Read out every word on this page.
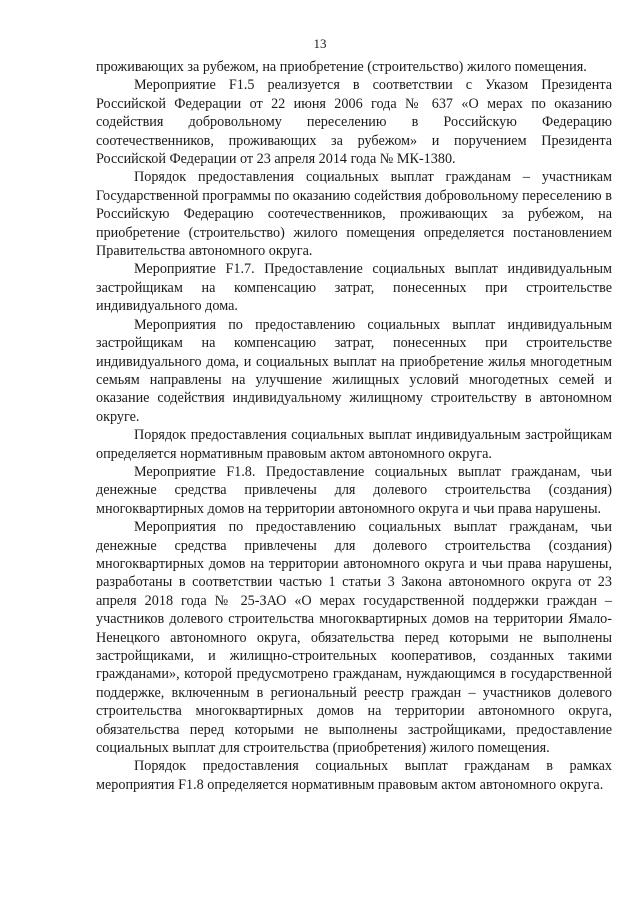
13

проживающих за рубежом, на приобретение (строительство) жилого помещения.

Мероприятие F1.5 реализуется в соответствии с Указом Президента Российской Федерации от 22 июня 2006 года № 637 «О мерах по оказанию содействия добровольному переселению в Российскую Федерацию соотечественников, проживающих за рубежом» и поручением Президента Российской Федерации от 23 апреля 2014 года № МК-1380.

Порядок предоставления социальных выплат гражданам – участникам Государственной программы по оказанию содействия добровольному переселению в Российскую Федерацию соотечественников, проживающих за рубежом, на приобретение (строительство) жилого помещения определяется постановлением Правительства автономного округа.

Мероприятие F1.7. Предоставление социальных выплат индивидуальным застройщикам на компенсацию затрат, понесенных при строительстве индивидуального дома.

Мероприятия по предоставлению социальных выплат индивидуальным застройщикам на компенсацию затрат, понесенных при строительстве индивидуального дома, и социальных выплат на приобретение жилья многодетным семьям направлены на улучшение жилищных условий многодетных семей и оказание содействия индивидуальному жилищному строительству в автономном округе.

Порядок предоставления социальных выплат индивидуальным застройщикам определяется нормативным правовым актом автономного округа.

Мероприятие F1.8. Предоставление социальных выплат гражданам, чьи денежные средства привлечены для долевого строительства (создания) многоквартирных домов на территории автономного округа и чьи права нарушены.

Мероприятия по предоставлению социальных выплат гражданам, чьи денежные средства привлечены для долевого строительства (создания) многоквартирных домов на территории автономного округа и чьи права нарушены, разработаны в соответствии частью 1 статьи 3 Закона автономного округа от 23 апреля 2018 года № 25-ЗАО «О мерах государственной поддержки граждан – участников долевого строительства многоквартирных домов на территории Ямало-Ненецкого автономного округа, обязательства перед которыми не выполнены застройщиками, и жилищно-строительных кооперативов, созданных такими гражданами», которой предусмотрено гражданам, нуждающимся в государственной поддержке, включенным в региональный реестр граждан – участников долевого строительства многоквартирных домов на территории автономного округа, обязательства перед которыми не выполнены застройщиками, предоставление социальных выплат для строительства (приобретения) жилого помещения.

Порядок предоставления социальных выплат гражданам в рамках мероприятия F1.8 определяется нормативным правовым актом автономного округа.
